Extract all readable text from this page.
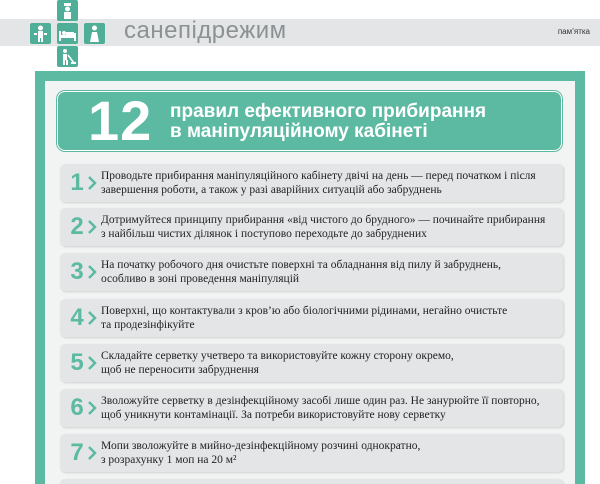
санепідрежим	пам’ятка
12 правил ефективного прибирання
в маніпуляційному кабінеті
1	Проводьте прибирання маніпуляційного кабінету двічі на день — перед початком і після
завершення роботи, а також у разі аварійних ситуацій або забруднень
2	Дотримуйтеся принципу прибирання «від чистого до брудного» — починайте прибирання
з найбільш чистих ділянок і поступово переходьте до забруднених
3	На початку робочого дня очистьте поверхні та обладнання від пилу й забруднень,
особливо в зоні проведення маніпуляцій
4	Поверхні, що контактували з кров’ю або біологічними рідинами, негайно очистьте
та продезінфікуйте
5	Складайте серветку учетверо та використовуйте кожну сторону окремо,
щоб не переносити забруднення
6	Зволожуйте серветку в дезінфекційному засобі лише один раз. Не занурюйте її повторно,
щоб уникнути контамінації. За потреби використовуйте нову серветку
7	Мопи зволожуйте в мийно-дезінфекційному розчині однократно,
з розрахунку 1 моп на 20 м²
